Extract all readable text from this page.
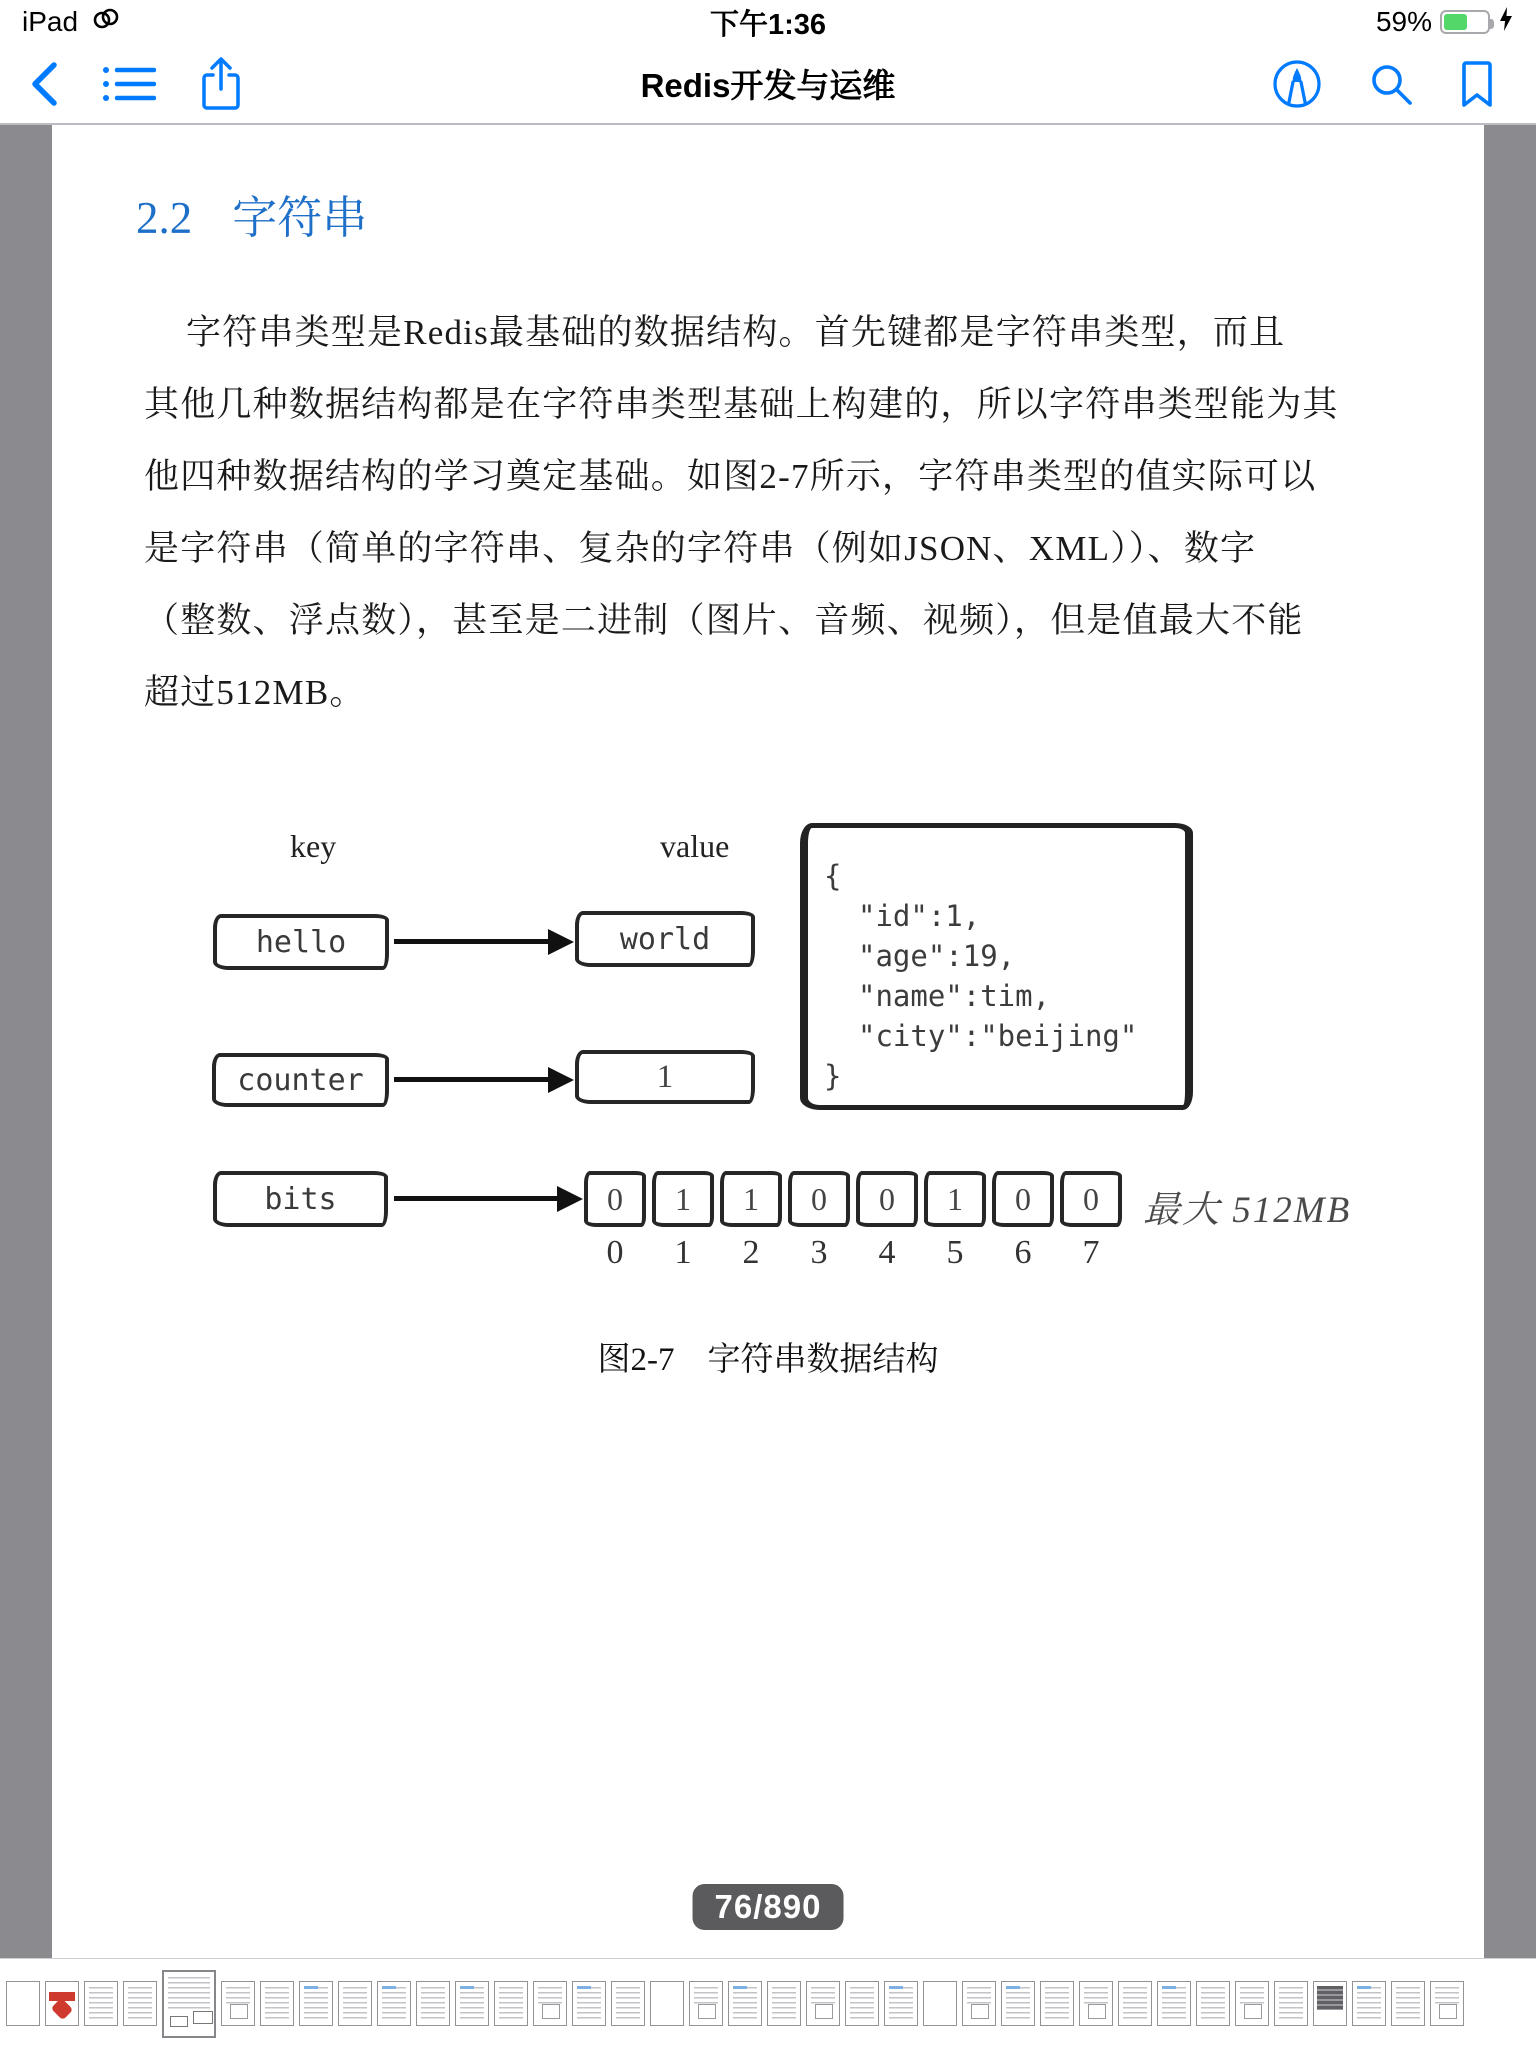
iPad	下午1:36	59%
Redis开发与运维
2.2 字符串
字符串类型是Redis最基础的数据结构。首先键都是字符串类型，而且
其他几种数据结构都是在字符串类型基础上构建的，所以字符串类型能为其
他四种数据结构的学习奠定基础。如图2-7所示，字符串类型的值实际可以
是字符串（简单的字符串、复杂的字符串（例如JSON、XML））、数字
（整数、浮点数），甚至是二进制（图片、音频、视频），但是值最大不能
超过512MB。
key	value
hello	world
{
"id":1,
"age":19,
"name":tim,
"city":"beijing"
}
counter	1
bits	0	1	1	0	0	1	0	0
0	1	2	3	4	5	6	7
最大 512MB
图2-7　字符串数据结构
76/890
